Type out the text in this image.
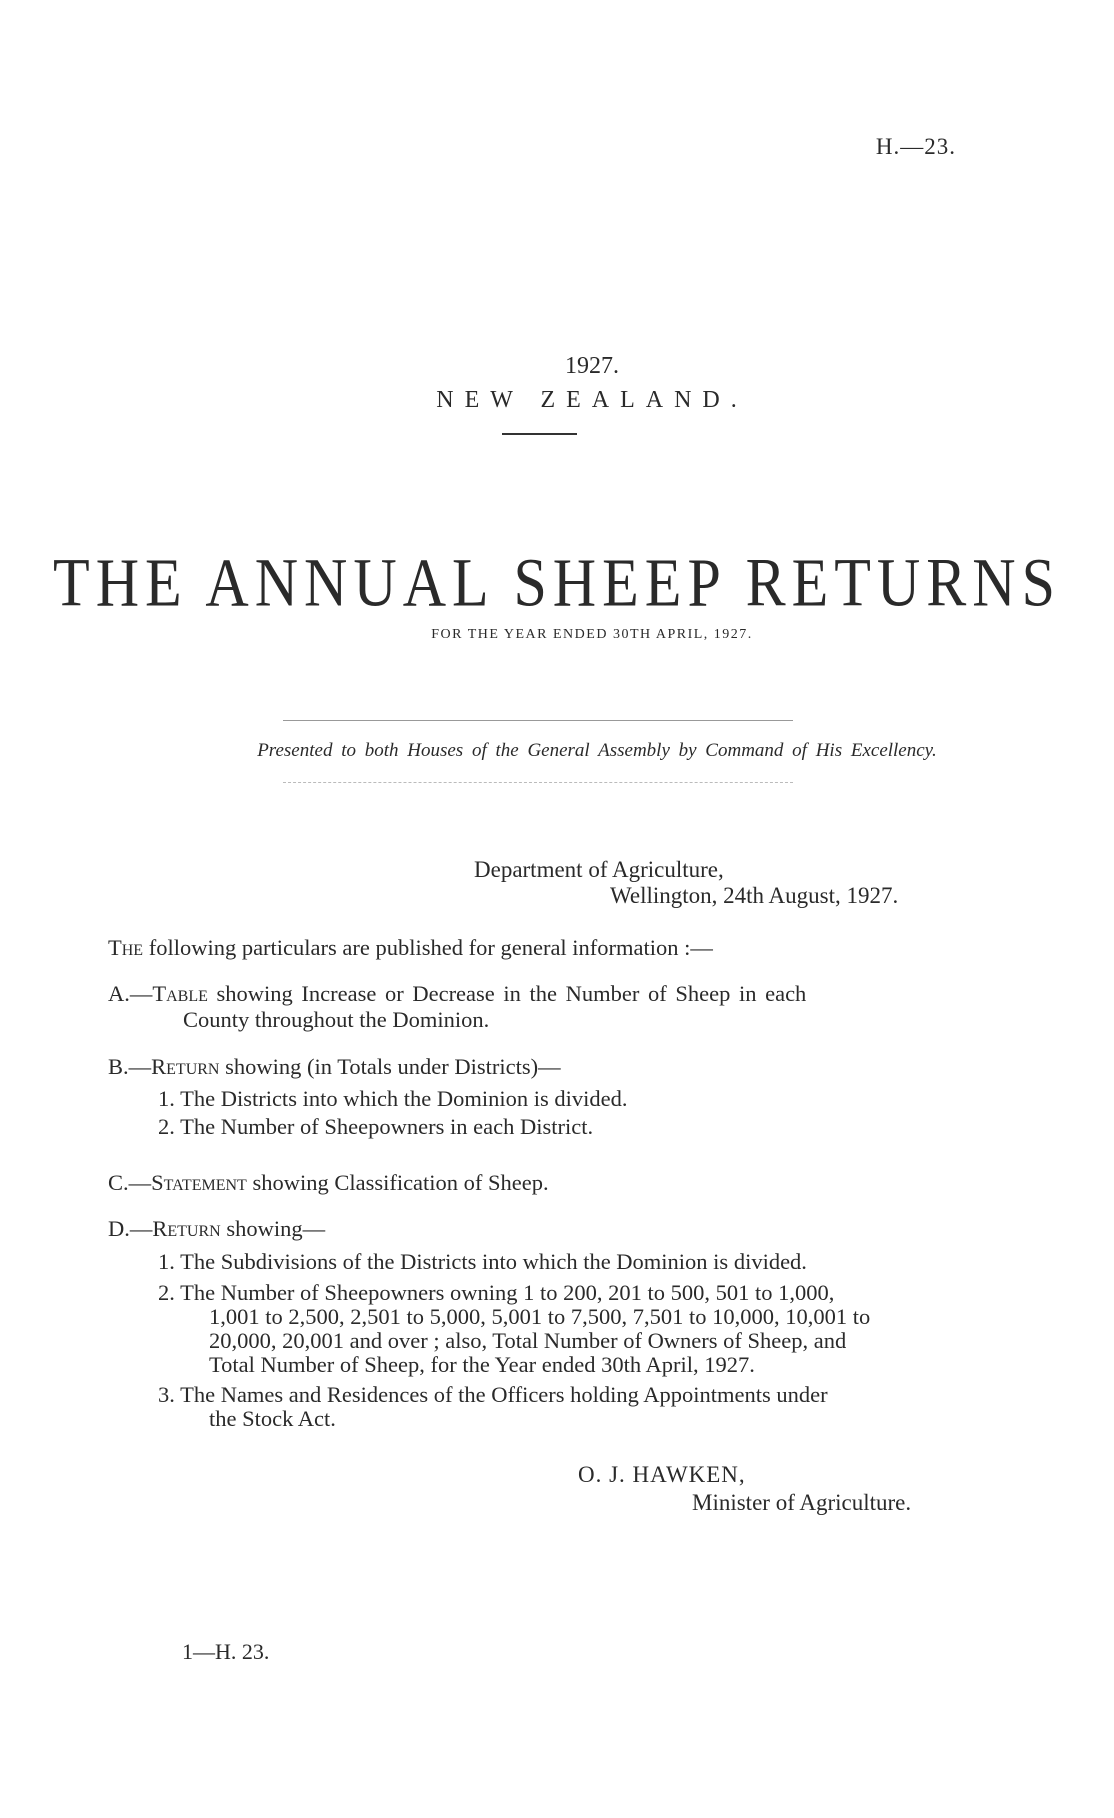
H.—23.
1927.
NEW ZEALAND.
THE ANNUAL SHEEP RETURNS
FOR THE YEAR ENDED 30TH APRIL, 1927.
Presented to both Houses of the General Assembly by Command of His Excellency.
Department of Agriculture,
Wellington, 24th August, 1927.
The following particulars are published for general information :—
A.—Table showing Increase or Decrease in the Number of Sheep in each
County throughout the Dominion.
B.—Return showing (in Totals under Districts)—
1. The Districts into which the Dominion is divided.
2. The Number of Sheepowners in each District.
C.—Statement showing Classification of Sheep.
D.—Return showing—
1. The Subdivisions of the Districts into which the Dominion is divided.
2. The Number of Sheepowners owning 1 to 200, 201 to 500, 501 to 1,000,
1,001 to 2,500, 2,501 to 5,000, 5,001 to 7,500, 7,501 to 10,000, 10,001 to
20,000, 20,001 and over ; also, Total Number of Owners of Sheep, and
Total Number of Sheep, for the Year ended 30th April, 1927.
3. The Names and Residences of the Officers holding Appointments under
the Stock Act.
O. J. HAWKEN,
Minister of Agriculture.
1—H. 23.
